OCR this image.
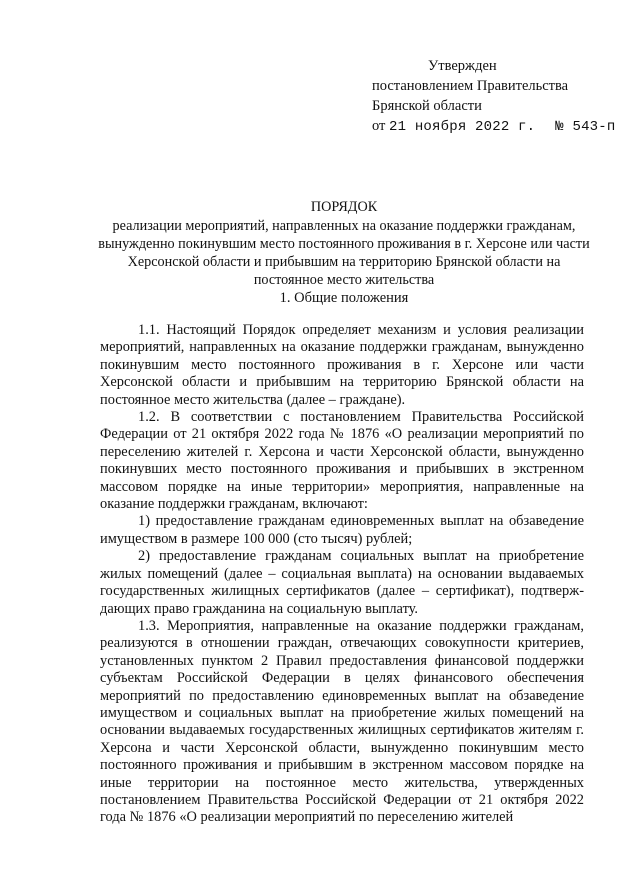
Утвержден
постановлением Правительства
Брянской области
от 21 ноября 2022 г. № 543-п
ПОРЯДОК
реализации мероприятий, направленных на оказание поддержки гражданам, вынужденно покинувшим место постоянного проживания в г. Херсоне или части Херсонской области и прибывшим на территорию Брянской области на постоянное место жительства
1. Общие положения

1.1. Настоящий Порядок определяет механизм и условия реализации мероприятий, направленных на оказание поддержки гражданам, вынужденно покинувшим место постоянного проживания в г. Херсоне или части Херсонской области и прибывшим на территорию Брянской области на постоянное место жительства (далее – граждане).

1.2. В соответствии с постановлением Правительства Российской Федерации от 21 октября 2022 года № 1876 «О реализации мероприятий по переселению жителей г. Херсона и части Херсонской области, вынужденно покинувших место постоянного проживания и прибывших в экстренном массовом порядке на иные территории» мероприятия, направленные на оказание поддержки гражданам, включают:

1) предоставление гражданам единовременных выплат на обзаведение имуществом в размере 100 000 (сто тысяч) рублей;

2) предоставление гражданам социальных выплат на приобретение жилых помещений (далее – социальная выплата) на основании выдаваемых государственных жилищных сертификатов (далее – сертификат), подтверж-дающих право гражданина на социальную выплату.

1.3. Мероприятия, направленные на оказание поддержки гражданам, реализуются в отношении граждан, отвечающих совокупности критериев, установленных пунктом 2 Правил предоставления финансовой поддержки субъектам Российской Федерации в целях финансового обеспечения мероприятий по предоставлению единовременных выплат на обзаведение имуществом и социальных выплат на приобретение жилых помещений на основании выдаваемых государственных жилищных сертификатов жителям г. Херсона и части Херсонской области, вынужденно покинувшим место постоянного проживания и прибывшим в экстренном массовом порядке на иные территории на постоянное место жительства, утвержденных постановлением Правительства Российской Федерации от 21 октября 2022 года № 1876 «О реализации мероприятий по переселению жителей
